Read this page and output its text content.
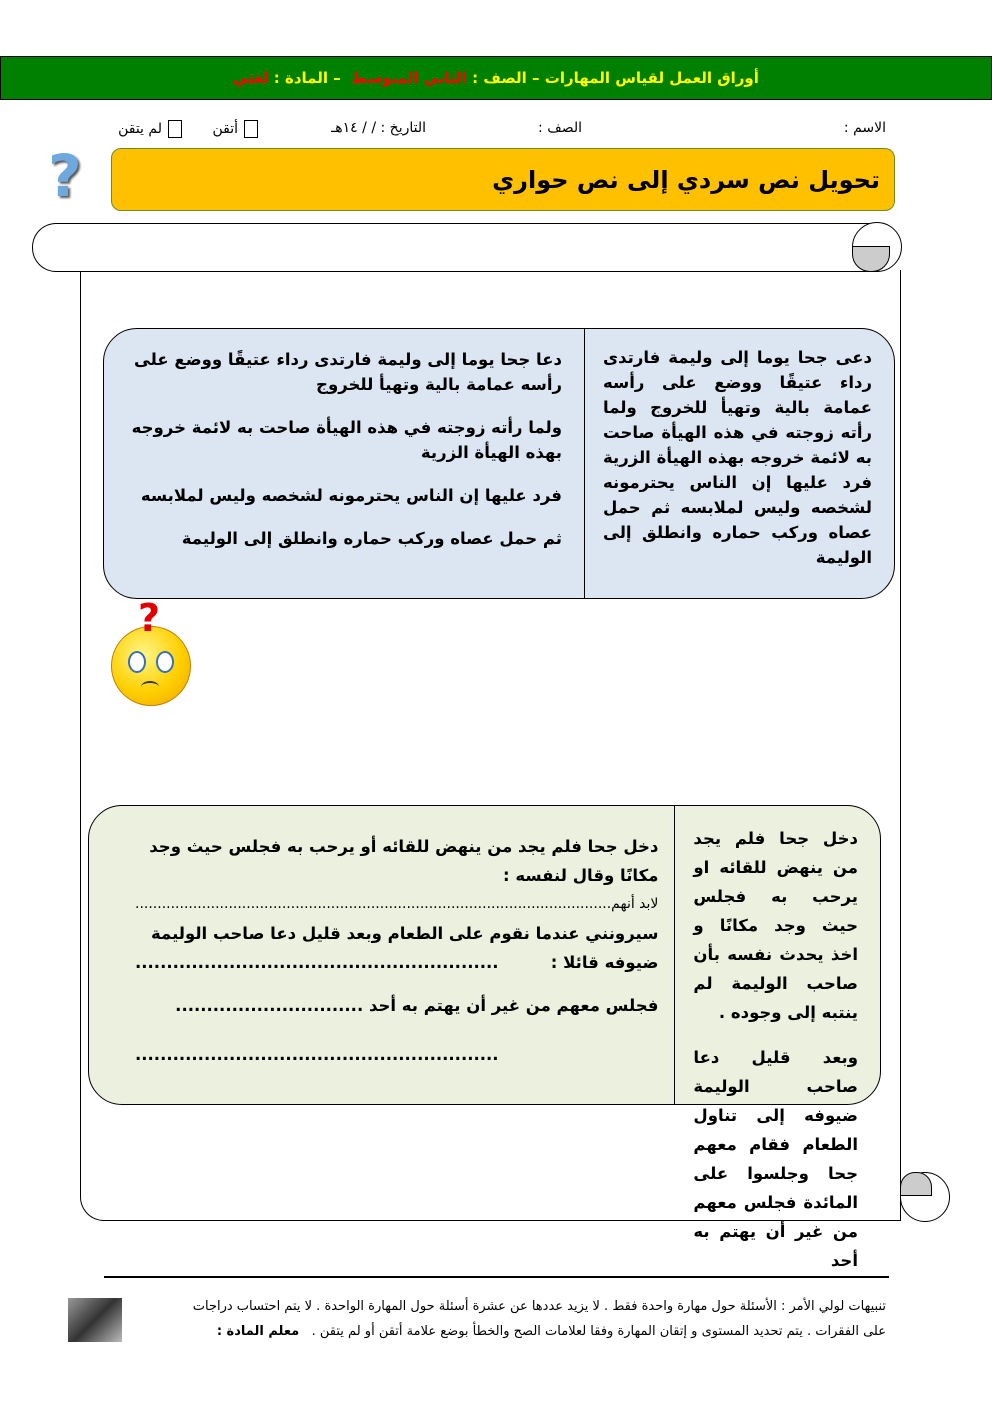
أوراق العمل لقياس المهارات – الصف :

الثاني المتوسط

– المادة :

لغتي
الاسم :
الصف :
التاريخ : / / ١٤هـ
أتقن
لم يتقن
?	تحويل نص سردي إلى نص حواري
دعى جحا يوما إلى وليمة فارتدى رداء عتيقًا ووضع على رأسه عمامة بالية وتهيأ للخروج ولما رأته زوجته في هذه الهيأة صاحت به لائمة خروجه بهذه الهيأة الزرية فرد عليها إن الناس يحترمونه لشخصه وليس لملابسه ثم حمل عصاه وركب حماره وانطلق إلى الوليمة

دعا جحا يوما إلى وليمة فارتدى رداء عتيقًا ووضع على رأسه عمامة بالية وتهيأ للخروج

ولما رأته زوجته في هذه الهيأة صاحت به لائمة خروجه بهذه الهيأة الزرية

فرد عليها إن الناس يحترمونه لشخصه وليس لملابسه

ثم حمل عصاه وركب حماره وانطلق إلى الوليمة

?

دخل جحا فلم يجد من ينهض للقائه او يرحب به فجلس حيث وجد مكانًا و اخذ يحدث نفسه بأن صاحب الوليمة لم ينتبه إلى وجوده .

وبعد قليل دعا صاحب الوليمة ضيوفه إلى تناول الطعام فقام معهم جحا وجلسوا على المائدة فجلس معهم من غير أن يهتم به أحد

دخل جحا فلم يجد من ينهض للقائه أو يرحب به فجلس حيث وجد مكانًا وقال لنفسه :
لابد أنهم...........................................................................................................
سيرونني عندما نقوم على الطعام وبعد قليل دعا صاحب الوليمة ضيوفه قائلا :
..........................................................
فجلس معهم من غير أن يهتم به أحد ..............................
..........................................................
تنبيهات لولي الأمر : الأسئلة حول مهارة واحدة فقط . لا يزيد عددها عن عشرة أسئلة حول المهارة الواحدة . لا يتم احتساب دراجات
على الفقرات . يتم تحديد المستوى و إتقان المهارة وفقا لعلامات الصح والخطأ بوضع علامة أتقن أو لم يتقن .   معلم المادة :
